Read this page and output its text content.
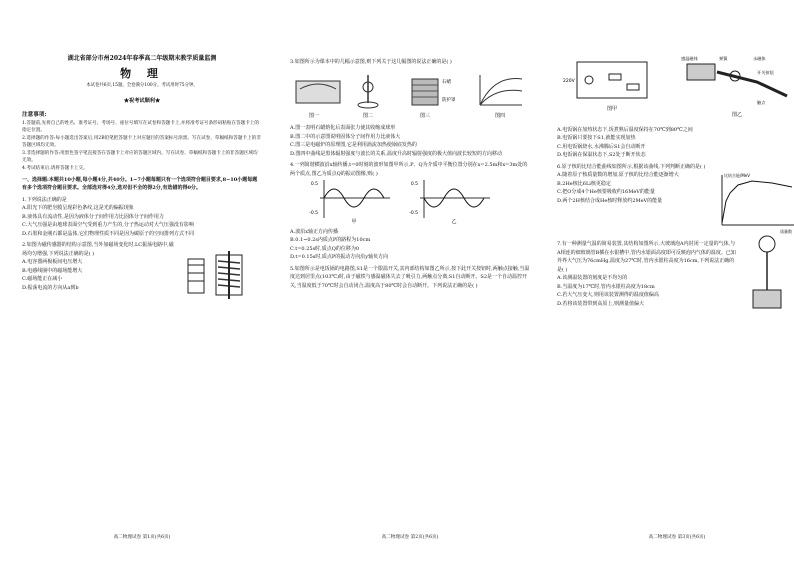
湖北省部分市州2024年春季高二年级期末教学质量监测
物 理
本试卷共6页,15题。全卷满分100分。考试用时75分钟。
★祝考试顺利★
注意事项:
1.答题前,先将自己的姓名、准考证号、考场号、座位号填写在试卷和答题卡上,并将准考证号条形码粘贴在答题卡上的指定位置。
2.选择题的作答:每小题选出答案后,用2B铅笔把答题卡上对应题目的答案标号涂黑。写在试卷、草稿纸和答题卡上的非答题区域均无效。
3.非选择题的作答:用黑色签字笔直接答在答题卡上对应的答题区域内。写在试卷、草稿纸和答题卡上的非答题区域均无效。
4.考试结束后,请将答题卡上交。
一、选择题:本题共10小题,每小题4分,共40分。1~7小题每题只有一个选项符合题目要求,8~10小题每题有多个选项符合题目要求。全部选对得4分,选对但不全的得2分,有选错的得0分。
1.下列说法正确的是
A.阳光下的肥皂膜呈现彩色条纹,这是光的偏振现象
B.液体具有流动性,是因为液体分子间作用力比固体分子间作用力
C.大气压强是由地球表面空气受到重力产生的,分子热运动对大气压强没有影响
D.石墨和金刚石都是晶体,它们物理性质不同是因为碳原子的空间排列方式不同
2.如图为磁传感器的结构示意图,当外加磁场变化时,LC振荡电路中,磁场均匀增强,下列说法正确的是( )
A.电容器两极板间电压增大
B.电感线圈中的磁场能增大
C.磁场能正在减小
D.振荡电流的方向从a到b
高二物理试卷 第1页(共6页)
3.如图所示为课本中的几幅示意图,则下列关于这几幅图的说法正确的是( )
石蜡
防护罩
图一	图二	图三	图四
A.图一表明石蜡熔化后表面张力使其收缩成球形
B.图二中的示意图说明固体分子间作用力比液体大
C.图三是电磁炉的原理图,它是利用涡流加热使锅底发热的
D.图四中曲线是黑体辐射强度与波长的关系,温度升高时辐射强度的极大值向波长较短的方向移动
4.一列简谐横波沿x轴传播,t=0时刻的波形如图甲所示,P、Q为介质中平衡位置分别在x=2.5m和x=3m处的两个质点,图乙为质点Q的振动图像,则( )
0.5
-0.5
甲
0.5
-0.5
乙
A.波沿x轴正方向传播
B.0.1~0.2s内质点P的路程为10cm
C.t=0.25s时,质点Q的位移为0
D.t=0.15s时,质点P的振动方向沿y轴负方向
5.如图所示是电饭锅的电路图,S1是一个限温开关,其内部结构如图乙所示,按下此开关按钮时,两触点接触,当温度达到居里点(103℃)时,由于磁铁与感温磁体失去了吸引力,两触点分离,S1自动断开。S2是一个自动温控开关,当温度低于70℃时会自动闭合,温度高于80℃时会自动断开。下列说法正确的是( )
高二物理试卷 第2页(共6页)
220V
图甲
感温磁体	弹簧	永磁体
开关按钮
触点
图乙
A.电饭锅在加热状态下,饭煮熟后温度保持在70℃到80℃之间
B.电饭锅只要按下S1,就能实现加热
C.用电饭锅烧水,水沸腾后S1会自动断开
D.电饭锅在保温状态下,S2处于断开状态
6.原子核的比结合能曲线如图所示,根据该曲线,下列判断正确的是( )
A.随着原子核质量数的增加,原子核的比结合能逐渐增大
B.2He核比6Li核更稳定
C.把O分成4个He核要吸收约16MeV的能量
D.两个2H核结合成He核时释放约2MeV的能量
比结合能/MeV
质量数
7.有一种测量气温的简易装置,其结构如图所示,大玻璃泡A内封闭一定量的气体,与A相连的细玻璃管B插在水银槽中,管内水银面高度即可反映泡内气体的温度。已知外界大气压为76cmHg,温度为27℃时,管内水银柱高度为16cm,下列说法正确的是( )
A.该测温装置的刻度是不均匀的
B.当温度为17℃时,管内水银柱高度为18cm
C.若大气压变大,则用该装置测得的温度值偏高
D.若将该装置带到高原上,则测量值偏大
高二物理试卷 第3页(共6页)
